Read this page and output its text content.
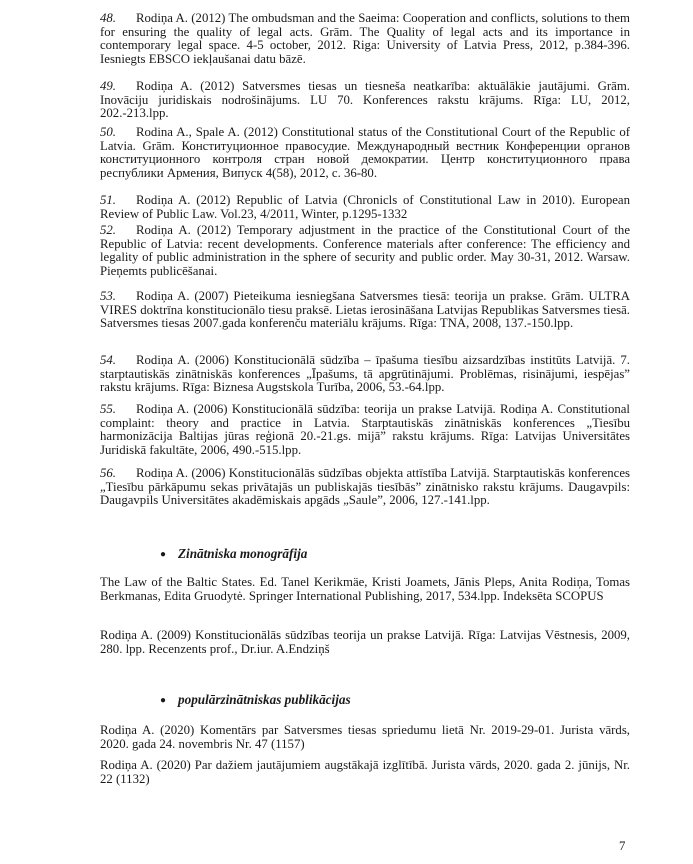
48. Rodiņa A. (2012) The ombudsman and the Saeima: Cooperation and conflicts, solutions to them for ensuring the quality of legal acts. Grām. The Quality of legal acts and its importance in contemporary legal space. 4-5 october, 2012. Riga: University of Latvia Press, 2012, p.384-396. Iesniegts EBSCO iekļaušanai datu bāzē.

49. Rodiņa A. (2012) Satversmes tiesas un tiesneša neatkarība: aktuālākie jautājumi. Grām. Inovāciju juridiskais nodrošinājums. LU 70. Konferences rakstu krājums. Rīga: LU, 2012, 202.-213.lpp.

50. Rodina A., Spale A. (2012) Constitutional status of the Constitutional Court of the Republic of Latvia. Grām. Конституционное правосудие. Международный вестник Конференции органов конституционного контроля стран новой демократии. Центр конституционного права республики Армения, Випуск 4(58), 2012, с. 36-80.

51. Rodiņa A. (2012) Republic of Latvia (Chronicls of Constitutional Law in 2010). European Review of Public Law. Vol.23, 4/2011, Winter, p.1295-1332

52. Rodiņa A. (2012) Temporary adjustment in the practice of the Constitutional Court of the Republic of Latvia: recent developments. Conference materials after conference: The efficiency and legality of public administration in the sphere of security and public order. May 30-31, 2012. Warsaw. Pieņemts publicēšanai.

53. Rodiņa A. (2007) Pieteikuma iesniegšana Satversmes tiesā: teorija un prakse. Grām. ULTRA VIRES doktrīna konstitucionālo tiesu praksē. Lietas ierosināšana Latvijas Republikas Satversmes tiesā. Satversmes tiesas 2007.gada konferenču materiālu krājums. Rīga: TNA, 2008, 137.-150.lpp.

54. Rodiņa A. (2006) Konstitucionālā sūdzība – īpašuma tiesību aizsardzības institūts Latvijā. 7. starptautiskās zinātniskās konferences „Īpašums, tā apgrūtinājumi. Problēmas, risinājumi, iespējas” rakstu krājums. Rīga: Biznesa Augstskola Turība, 2006, 53.-64.lpp.

55. Rodiņa A. (2006) Konstitucionālā sūdzība: teorija un prakse Latvijā. Rodiņa A. Constitutional complaint: theory and practice in Latvia. Starptautiskās zinātniskās konferences „Tiesību harmonizācija Baltijas jūras reģionā 20.-21.gs. mijā” rakstu krājums. Rīga: Latvijas Universitātes Juridiskā fakultāte, 2006, 490.-515.lpp.

56. Rodiņa A. (2006) Konstitucionālās sūdzības objekta attīstība Latvijā. Starptautiskās konferences „Tiesību pārkāpumu sekas privātajās un publiskajās tiesībās” zinātnisko rakstu krājums. Daugavpils: Daugavpils Universitātes akadēmiskais apgāds „Saule”, 2006, 127.-141.lpp.

● Zinātniska monogrāfija

The Law of the Baltic States. Ed. Tanel Kerikmäe, Kristi Joamets, Jānis Pleps, Anita Rodiņa, Tomas Berkmanas, Edita Gruodytė. Springer International Publishing, 2017, 534.lpp. Indeksēta SCOPUS

Rodiņa A. (2009) Konstitucionālās sūdzības teorija un prakse Latvijā. Rīga: Latvijas Vēstnesis, 2009, 280. lpp. Recenzents prof., Dr.iur. A.Endziņš

● populārzinātniskas publikācijas

Rodiņa A. (2020) Komentārs par Satversmes tiesas spriedumu lietā Nr. 2019-29-01. Jurista vārds, 2020. gada 24. novembris Nr. 47 (1157)

Rodiņa A. (2020) Par dažiem jautājumiem augstākajā izglītībā. Jurista vārds, 2020. gada 2. jūnijs, Nr. 22 (1132)

7
